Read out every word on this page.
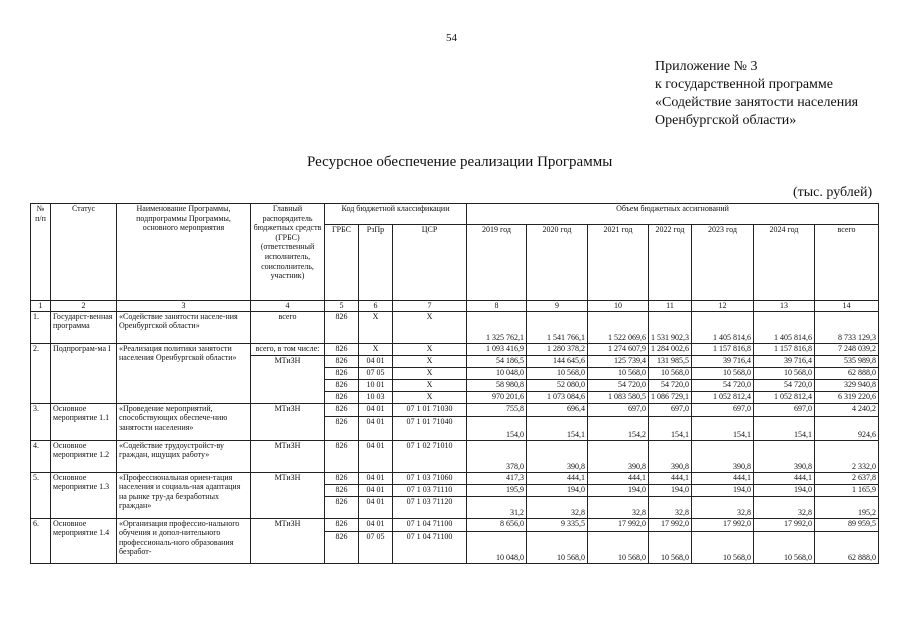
54
Приложение № 3
к государственной программе
«Содействие занятости населения
Оренбургской области»
Ресурсное обеспечение реализации Программы
(тыс. рублей)
№ п/п	Статус	Наименование Программы, подпрограммы Программы, основного мероприятия	Главный распорядитель бюджетных средств (ГРБС) (ответственный исполнитель, соисполнитель, участник)	Код бюджетной классификации			Объем бюджетных ассигнований						
				ГРБС	РзПр	ЦСР	2019 год	2020 год	2021 год	2022 год	2023 год	2024 год	всего
1	2	3	4	5	6	7	8	9	10	11	12	13	14
1.	Государст-венная программа	«Содействие занятости населе-ния Оренбургской области»	всего	826	Х	Х	1 325 762,1	1 541 766,1	1 522 069,6	1 531 902,3	1 405 814,6	1 405 814,6	8 733 129,3
2.	Подпрограм-ма I	«Реализация политики занятости населения Оренбургской области»	всего, в том числе:	826	Х	Х	1 093 416,9	1 280 378,2	1 274 607,9	1 284 002,6	1 157 816,8	1 157 816,8	7 248 039,2
			МТиЗН	826	04 01	Х	54 186,5	144 645,6	125 739,4	131 985,5	39 716,4	39 716,4	535 989,8
				826	07 05	Х	10 048,0	10 568,0	10 568,0	10 568,0	10 568,0	10 568,0	62 888,0
				826	10 01	Х	58 980,8	52 080,0	54 720,0	54 720,0	54 720,0	54 720,0	329 940,8
				826	10 03	Х	970 201,6	1 073 084,6	1 083 580,5	1 086 729,1	1 052 812,4	1 052 812,4	6 319 220,6
3.	Основное мероприятие 1.1	«Проведение мероприятий, способствующих обеспече-нию занятости населения»	МТиЗН	826	04 01	07 1 01 71030	755,8	696,4	697,0	697,0	697,0	697,0	4 240,2
				826	04 01	07 1 01 71040	154,0	154,1	154,2	154,1	154,1	154,1	924,6
4.	Основное мероприятие 1.2	«Содействие трудоустройст-ву граждан, ищущих работу»	МТиЗН	826	04 01	07 1 02 71010	378,0	390,8	390,8	390,8	390,8	390,8	2 332,0
5.	Основное мероприятие 1.3	«Профессиональная ориен-тация населения и социаль-ная адаптация на рынке тру-да безработных граждан»	МТиЗН	826	04 01	07 1 03 71060	417,3	444,1	444,1	444,1	444,1	444,1	2 637,8
				826	04 01	07 1 03 71110	195,9	194,0	194,0	194,0	194,0	194,0	1 165,9
				826	04 01	07 1 03 71120	31,2	32,8	32,8	32,8	32,8	32,8	195,2
6.	Основное мероприятие 1.4	«Организация профессио-нального обучения и допол-нительного профессиональ-ного образования безработ-	МТиЗН	826	04 01	07 1 04 71100	8 656,0	9 335,5	17 992,0	17 992,0	17 992,0	17 992,0	89 959,5
				826	07 05	07 1 04 71100	10 048,0	10 568,0	10 568,0	10 568,0	10 568,0	10 568,0	62 888,0
